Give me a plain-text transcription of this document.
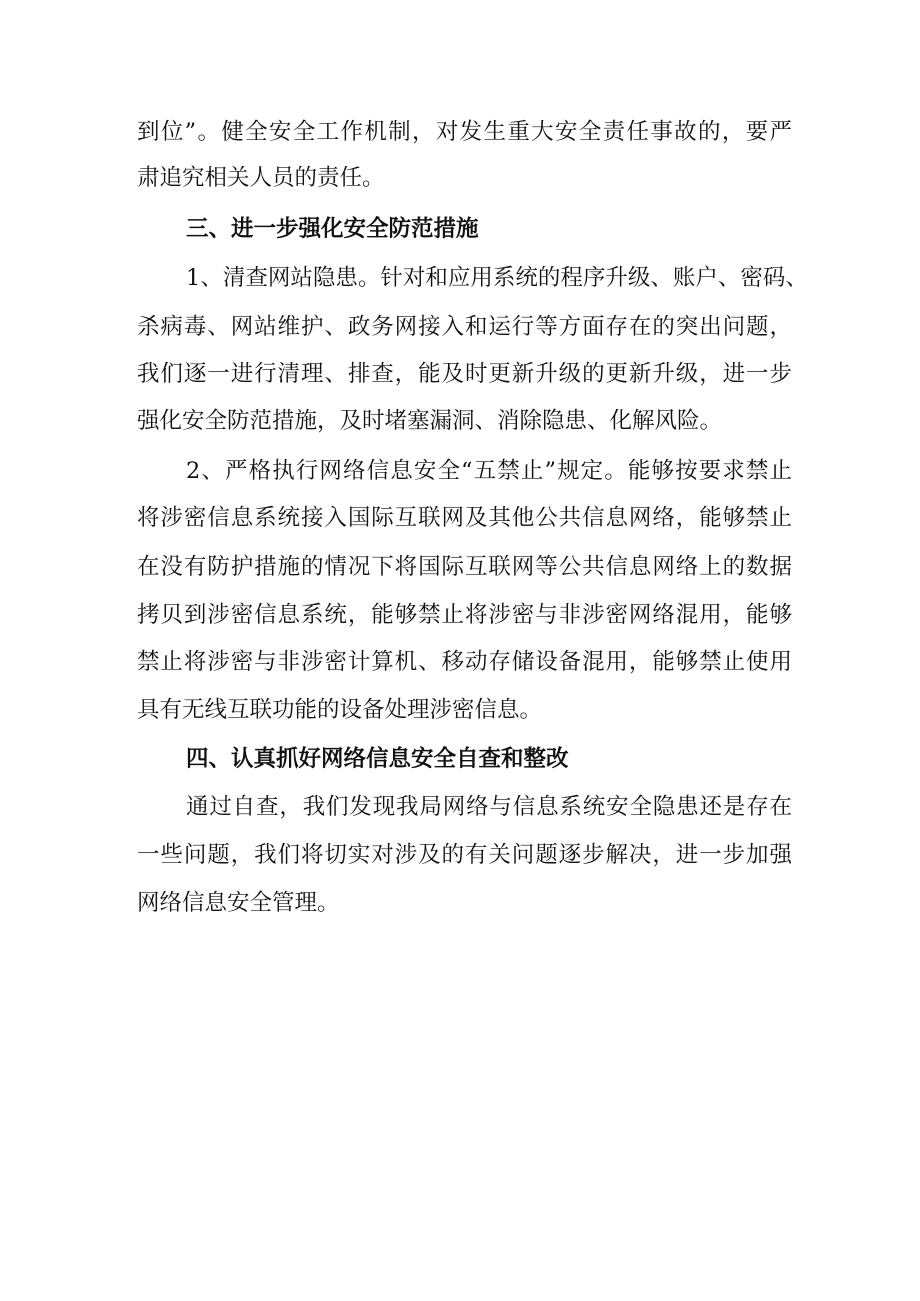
到位”。健全安全工作机制，对发生重大安全责任事故的，要严
肃追究相关人员的责任。
三、进一步强化安全防范措施
1、清查网站隐患。针对和应用系统的程序升级、账户、密码、
杀病毒、网站维护、政务网接入和运行等方面存在的突出问题，
我们逐一进行清理、排查，能及时更新升级的更新升级，进一步
强化安全防范措施，及时堵塞漏洞、消除隐患、化解风险。
2、严格执行网络信息安全“五禁止”规定。能够按要求禁止
将涉密信息系统接入国际互联网及其他公共信息网络，能够禁止
在没有防护措施的情况下将国际互联网等公共信息网络上的数据
拷贝到涉密信息系统，能够禁止将涉密与非涉密网络混用，能够
禁止将涉密与非涉密计算机、移动存储设备混用，能够禁止使用
具有无线互联功能的设备处理涉密信息。
四、认真抓好网络信息安全自查和整改
通过自查，我们发现我局网络与信息系统安全隐患还是存在
一些问题，我们将切实对涉及的有关问题逐步解决，进一步加强
网络信息安全管理。
